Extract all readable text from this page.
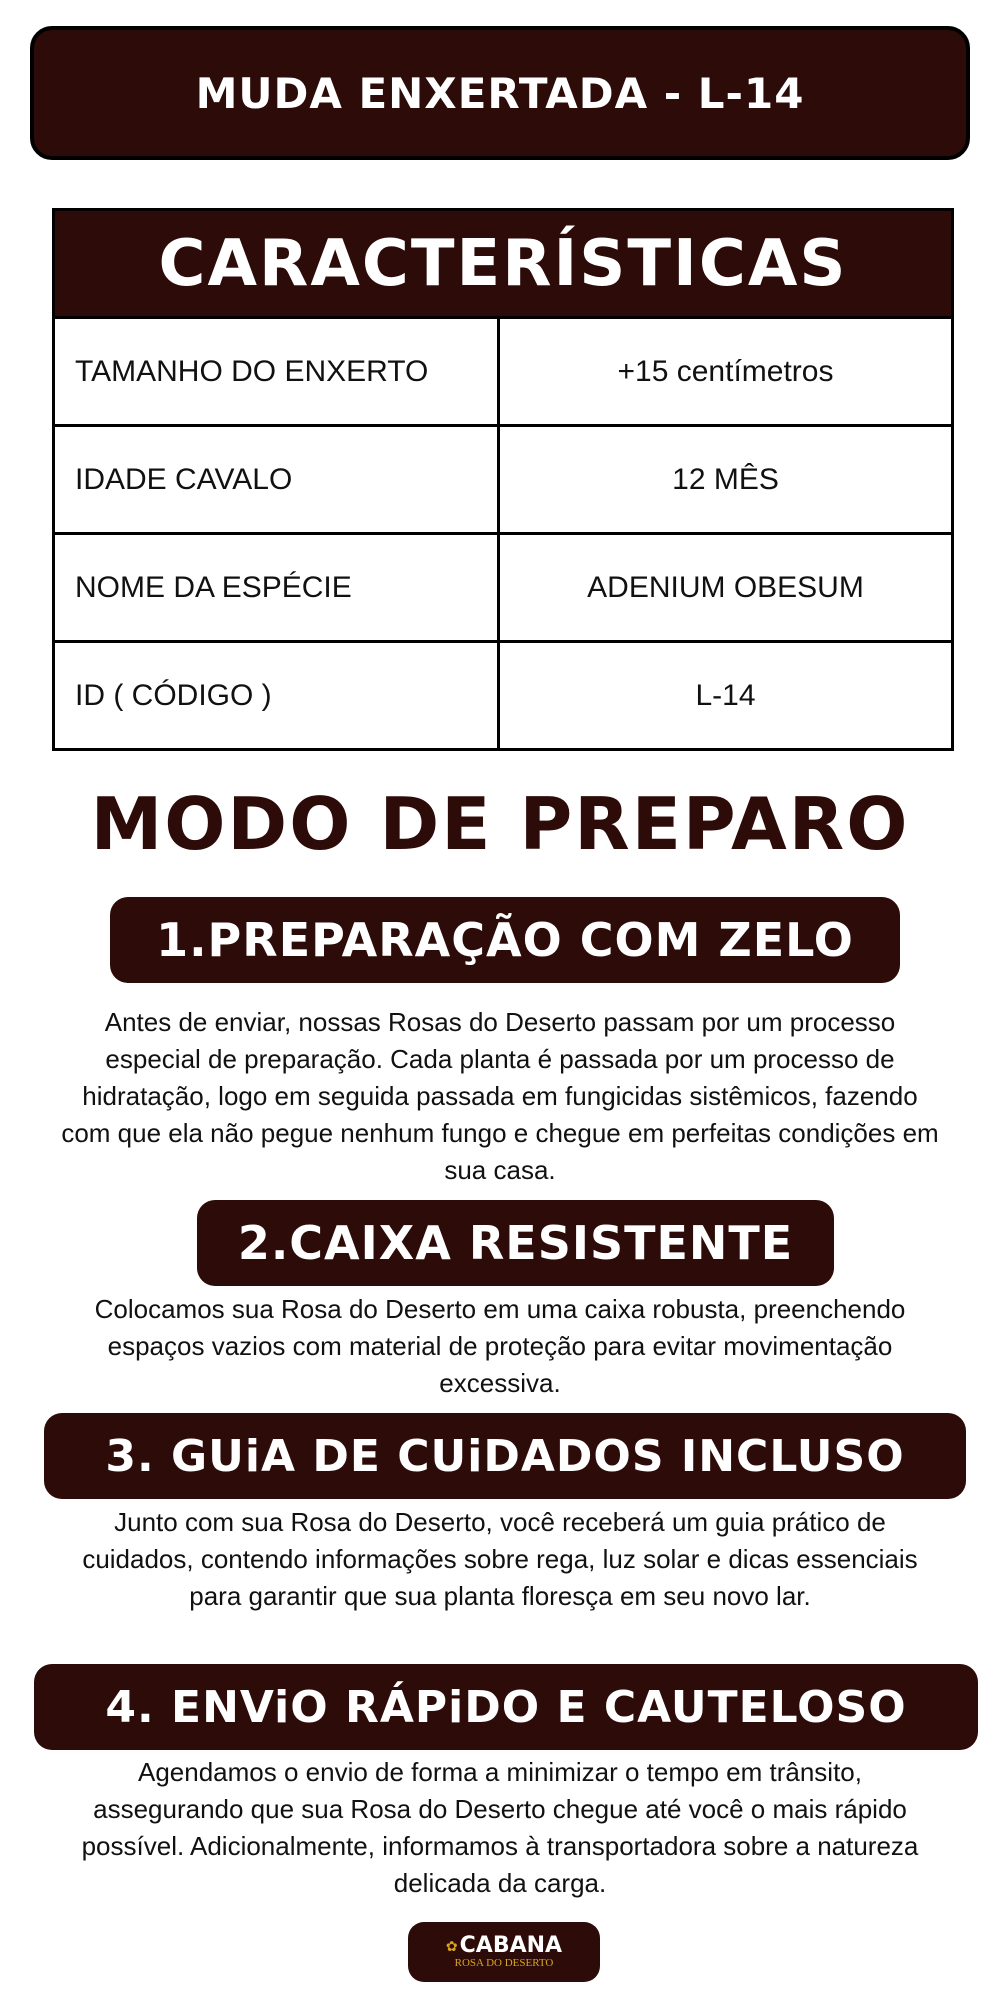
MUDA ENXERTADA - L-14
CARACTERÍSTICAS
TAMANHO DO ENXERTO	+15 centímetros
IDADE CAVALO	12 MÊS
NOME DA ESPÉCIE	ADENIUM OBESUM
ID ( CÓDIGO )	L-14
MODO DE PREPARO
1.PREPARAÇÃO COM ZELO
Antes de enviar, nossas Rosas do Deserto passam por um processo especial de preparação. Cada planta é passada por um processo de hidratação, logo em seguida passada em fungicidas sistêmicos, fazendo com que ela não pegue nenhum fungo e chegue em perfeitas condições em sua casa.
2.CAIXA RESISTENTE
Colocamos sua Rosa do Deserto em uma caixa robusta, preenchendo espaços vazios com material de proteção para evitar movimentação excessiva.
3. GUiA DE CUiDADOS INCLUSO
Junto com sua Rosa do Deserto, você receberá um guia prático de cuidados, contendo informações sobre rega, luz solar e dicas essenciais para garantir que sua planta floresça em seu novo lar.
4. ENViO RÁPiDO E CAUTELOSO
Agendamos o envio de forma a minimizar o tempo em trânsito, assegurando que sua Rosa do Deserto chegue até você o mais rápido possível. Adicionalmente, informamos à transportadora sobre a natureza delicada da carga.
✿ CABANA
ROSA DO DESERTO
